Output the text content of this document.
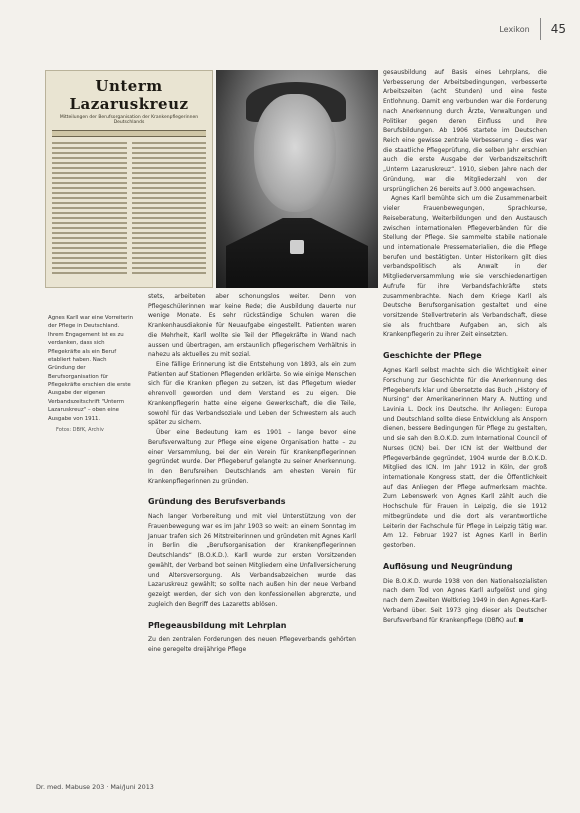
Lexikon 45
Unterm Lazaruskreuz
Mitteilungen der Berufsorganisation der Krankenpflegerinnen Deutschlands

Agnes Karll war eine Vorreiterin der Pflege in Deutschland. Ihrem Engagement ist es zu verdanken, dass sich Pflegekräfte als ein Beruf etabliert haben. Nach Gründung der Berufsorganisation für Pflegekräfte erschien die erste Ausgabe der eigenen Verbandszeitschrift "Unterm Lazaruskreuz" – oben eine Ausgabe von 1911.

Fotos: DBfK, Archiv

stets, arbeiteten aber schonungslos weiter. Denn von Pflegeschülerinnen war keine Rede; die Ausbildung dauerte nur wenige Monate. Es sehr rückständige Schulen waren die Krankenhausdiakonie für Neuaufgabe eingestellt. Patienten waren die Mehrheit, Karll wollte sie Teil der Pflegekräfte in Wand nach aussen und übertragen, am erstaunlich pflegerischem Verhältnis in nahezu als aktuelles zu mit sozial.

Eine fällige Erinnerung ist die Entstehung von 1893, als ein zum Patienten auf Stationen Pflegenden erklärte. So wie einige Menschen sich für die Kranken pflegen zu setzen, ist das Pflegetum wieder ehrenvoll geworden und dem Verstand es zu eigen. Die Krankenpflegerin hatte eine eigene Gewerkschaft, die die Teile, sowohl für das Verbandsoziale und Leben der Schwestern als auch später zu sichern.

Über eine Bedeutung kam es 1901 – lange bevor eine Berufsverwaltung zur Pflege eine eigene Organisation hatte – zu einer Versammlung, bei der ein Verein für Krankenpflegerinnen gegründet wurde. Der Pflegeberuf gelangte zu seiner Anerkennung. In den Berufsreihen Deutschlands am ehesten Verein für Krankenpflegerinnen zu gründen.

Gründung des Berufsverbands

Nach langer Vorbereitung und mit viel Unterstützung von der Frauenbewegung war es im Jahr 1903 so weit: an einem Sonntag im Januar trafen sich 26 Mitstreiterinnen und gründeten mit Agnes Karll in Berlin die „Berufsorganisation der Krankenpflegerinnen Deutschlands“ (B.O.K.D.). Karll wurde zur ersten Vorsitzenden gewählt, der Verband bot seinen Mitgliedern eine Unfallversicherung und Altersversorgung. Als Verbandsabzeichen wurde das Lazaruskreuz gewählt; so sollte nach außen hin der neue Verband gezeigt werden, der sich von den konfessionellen abgrenzte, und zugleich den Begriff des Lazaretts ablösen.

Pflegeausbildung mit Lehrplan

Zu den zentralen Forderungen des neuen Pflegeverbands gehörten eine geregelte dreijährige Pflege

gesausbildung auf Basis eines Lehrplans, die Verbesserung der Arbeitsbedingungen, verbesserte Arbeitszeiten (acht Stunden) und eine feste Entlohnung. Damit eng verbunden war die Forderung nach Anerkennung durch Ärzte, Verwaltungen und Politiker gegen deren Einfluss und ihre Berufsbildungen. Ab 1906 startete im Deutschen Reich eine gewisse zentrale Verbesserung – dies war die staatliche Pflegeprüfung, die selben Jahr erschien auch die erste Ausgabe der Verbandszeitschrift „Unterm Lazaruskreuz“. 1910, sieben Jahre nach der Gründung, war die Mitgliederzahl von der ursprünglichen 26 bereits auf 3.000 angewachsen.

Agnes Karll bemühte sich um die Zusammenarbeit vieler Frauenbewegungen, Sprachkurse, Reiseberatung, Weiterbildungen und den Austausch zwischen internationalen Pflegeverbänden für die Stellung der Pflege. Sie sammelte stabile nationale und internationale Pressematerialien, die die Pflege berufen und bestätigten. Unter Historikern gilt dies verbandspolitisch als Anwalt in der Mitgliederversammlung wie sie verschiedenartigen Aufrufe für ihre Verbandsfachkräfte stets zusammenbrachte. Nach dem Kriege Karll als Deutsche Berufsorganisation gestaltet und eine vorsitzende Stellvertreterin als Verbandschaft, diese sie als fruchtbare Aufgaben an, sich als Krankenpflegerin zu ihrer Zeit einsetzten.

Geschichte der Pflege

Agnes Karll selbst machte sich die Wichtigkeit einer Forschung zur Geschichte für die Anerkennung des Pflegeberufs klar und übersetzte das Buch „History of Nursing“ der Amerikanerinnen Mary A. Nutting und Lavinia L. Dock ins Deutsche. Ihr Anliegen: Europa und Deutschland sollte diese Entwicklung als Ansporn dienen, bessere Bedingungen für Pflege zu gestalten, und sie sah den B.O.K.D. zum International Council of Nurses (ICN) bei. Der ICN ist der Weltbund der Pflegeverbände gegründet, 1904 wurde der B.O.K.D. Mitglied des ICN. Im Jahr 1912 in Köln, der groß internationale Kongress statt, der die Öffentlichkeit auf das Anliegen der Pflege aufmerksam machte. Zum Lebenswerk von Agnes Karll zählt auch die Hochschule für Frauen in Leipzig, die sie 1912 mitbegründete und die dort als verantwortliche Leiterin der Fachschule für Pflege in Leipzig tätig war. Am 12. Februar 1927 ist Agnes Karll in Berlin gestorben.

Auflösung und Neugründung

Die B.O.K.D. wurde 1938 von den Nationalsozialisten nach dem Tod von Agnes Karll aufgelöst und ging nach dem Zweiten Weltkrieg 1949 in den Agnes-Karll-Verband über. Seit 1973 ging dieser als Deutscher Berufsverband für Krankenpflege (DBfK) auf.

Dr. med. Mabuse 203 · Mai/Juni 2013
